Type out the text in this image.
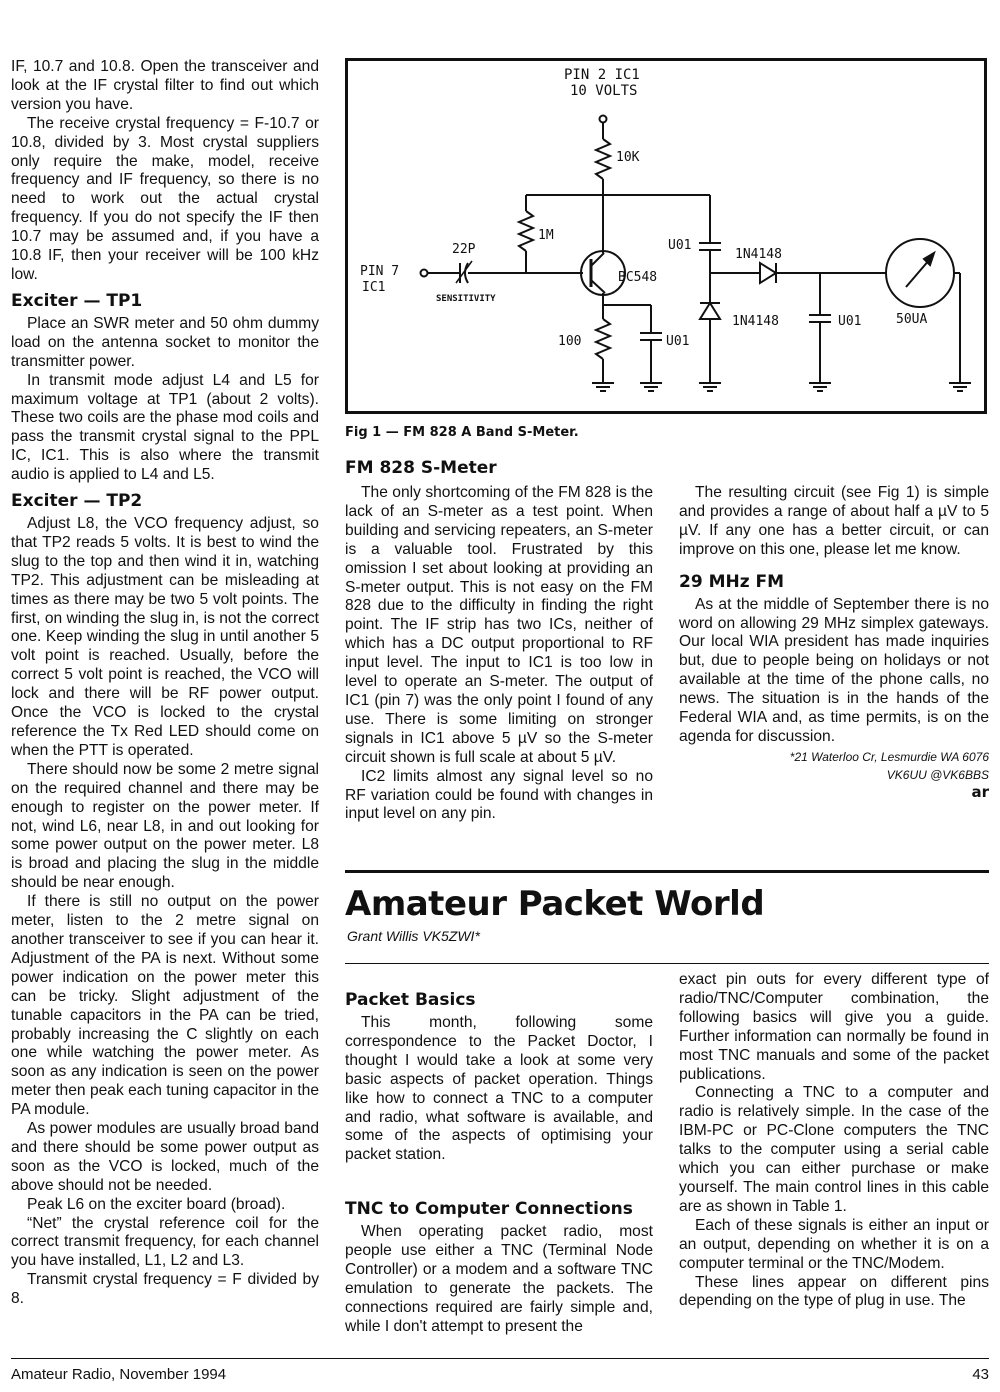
IF, 10.7 and 10.8. Open the transceiver and look at the IF crystal filter to find out which version you have.

The receive crystal frequency = F-10.7 or 10.8, divided by 3. Most crystal suppliers only require the make, model, receive frequency and IF frequency, so there is no need to work out the actual crystal frequency. If you do not specify the IF then 10.7 may be assumed and, if you have a 10.8 IF, then your receiver will be 100 kHz low.

Exciter — TP1

Place an SWR meter and 50 ohm dummy load on the antenna socket to monitor the transmitter power.

In transmit mode adjust L4 and L5 for maximum voltage at TP1 (about 2 volts). These two coils are the phase mod coils and pass the transmit crystal signal to the PPL IC, IC1. This is also where the transmit audio is applied to L4 and L5.

Exciter — TP2

Adjust L8, the VCO frequency adjust, so that TP2 reads 5 volts. It is best to wind the slug to the top and then wind it in, watching TP2. This adjustment can be misleading at times as there may be two 5 volt points. The first, on winding the slug in, is not the correct one. Keep winding the slug in until another 5 volt point is reached. Usually, before the correct 5 volt point is reached, the VCO will lock and there will be RF power output. Once the VCO is locked to the crystal reference the Tx Red LED should come on when the PTT is operated.

There should now be some 2 metre signal on the required channel and there may be enough to register on the power meter. If not, wind L6, near L8, in and out looking for some power output on the power meter. L8 is broad and placing the slug in the middle should be near enough.

If there is still no output on the power meter, listen to the 2 metre signal on another transceiver to see if you can hear it. Adjustment of the PA is next. Without some power indication on the power meter this can be tricky. Slight adjustment of the tunable capacitors in the PA can be tried, probably increasing the C slightly on each one while watching the power meter. As soon as any indication is seen on the power meter then peak each tuning capacitor in the PA module.

As power modules are usually broad band and there should be some power output as soon as the VCO is locked, much of the above should not be needed.

Peak L6 on the exciter board (broad).

“Net” the crystal reference coil for the correct transmit frequency, for each channel you have installed, L1, L2 and L3.

Transmit crystal frequency = F divided by 8.

PIN 2 IC1
10 VOLTS
10K
1M
22P
PIN 7
IC1
SENSITIVITY
BC548
U01
1N4148
1N4148	U01	50UA
100	U01
Fig 1 — FM 828 A Band S-Meter.
FM 828 S-Meter

The only shortcoming of the FM 828 is the lack of an S-meter as a test point. When building and servicing repeaters, an S-meter is a valuable tool. Frustrated by this omission I set about looking at providing an S-meter output. This is not easy on the FM 828 due to the difficulty in finding the right point. The IF strip has two ICs, neither of which has a DC output proportional to RF input level. The input to IC1 is too low in level to operate an S-meter. The output of IC1 (pin 7) was the only point I found of any use. There is some limiting on stronger signals in IC1 above 5 µV so the S-meter circuit shown is full scale at about 5 µV.

IC2 limits almost any signal level so no RF variation could be found with changes in input level on any pin.

The resulting circuit (see Fig 1) is simple and provides a range of about half a µV to 5 µV. If any one has a better circuit, or can improve on this one, please let me know.

29 MHz FM

As at the middle of September there is no word on allowing 29 MHz simplex gateways. Our local WIA president has made inquiries but, due to people being on holidays or not available at the time of the phone calls, no news. The situation is in the hands of the Federal WIA and, as time permits, is on the agenda for discussion.

*21 Waterloo Cr, Lesmurdie WA 6076
VK6UU @VK6BBS
ar
Amateur Packet World
Grant Willis VK5ZWI*
Packet Basics

This month, following some correspondence to the Packet Doctor, I thought I would take a look at some very basic aspects of packet operation. Things like how to connect a TNC to a computer and radio, what software is available, and some of the aspects of optimising your packet station.

TNC to Computer Connections

When operating packet radio, most people use either a TNC (Terminal Node Controller) or a modem and a software TNC emulation to generate the packets. The connections required are fairly simple and, while I don't attempt to present the

exact pin outs for every different type of radio/TNC/Computer combination, the following basics will give you a guide. Further information can normally be found in most TNC manuals and some of the packet publications.

Connecting a TNC to a computer and radio is relatively simple. In the case of the IBM-PC or PC-Clone computers the TNC talks to the computer using a serial cable which you can either purchase or make yourself. The main control lines in this cable are as shown in Table 1.

Each of these signals is either an input or an output, depending on whether it is on a computer terminal or the TNC/Modem.

These lines appear on different pins depending on the type of plug in use. The

Amateur Radio, November 1994	43
